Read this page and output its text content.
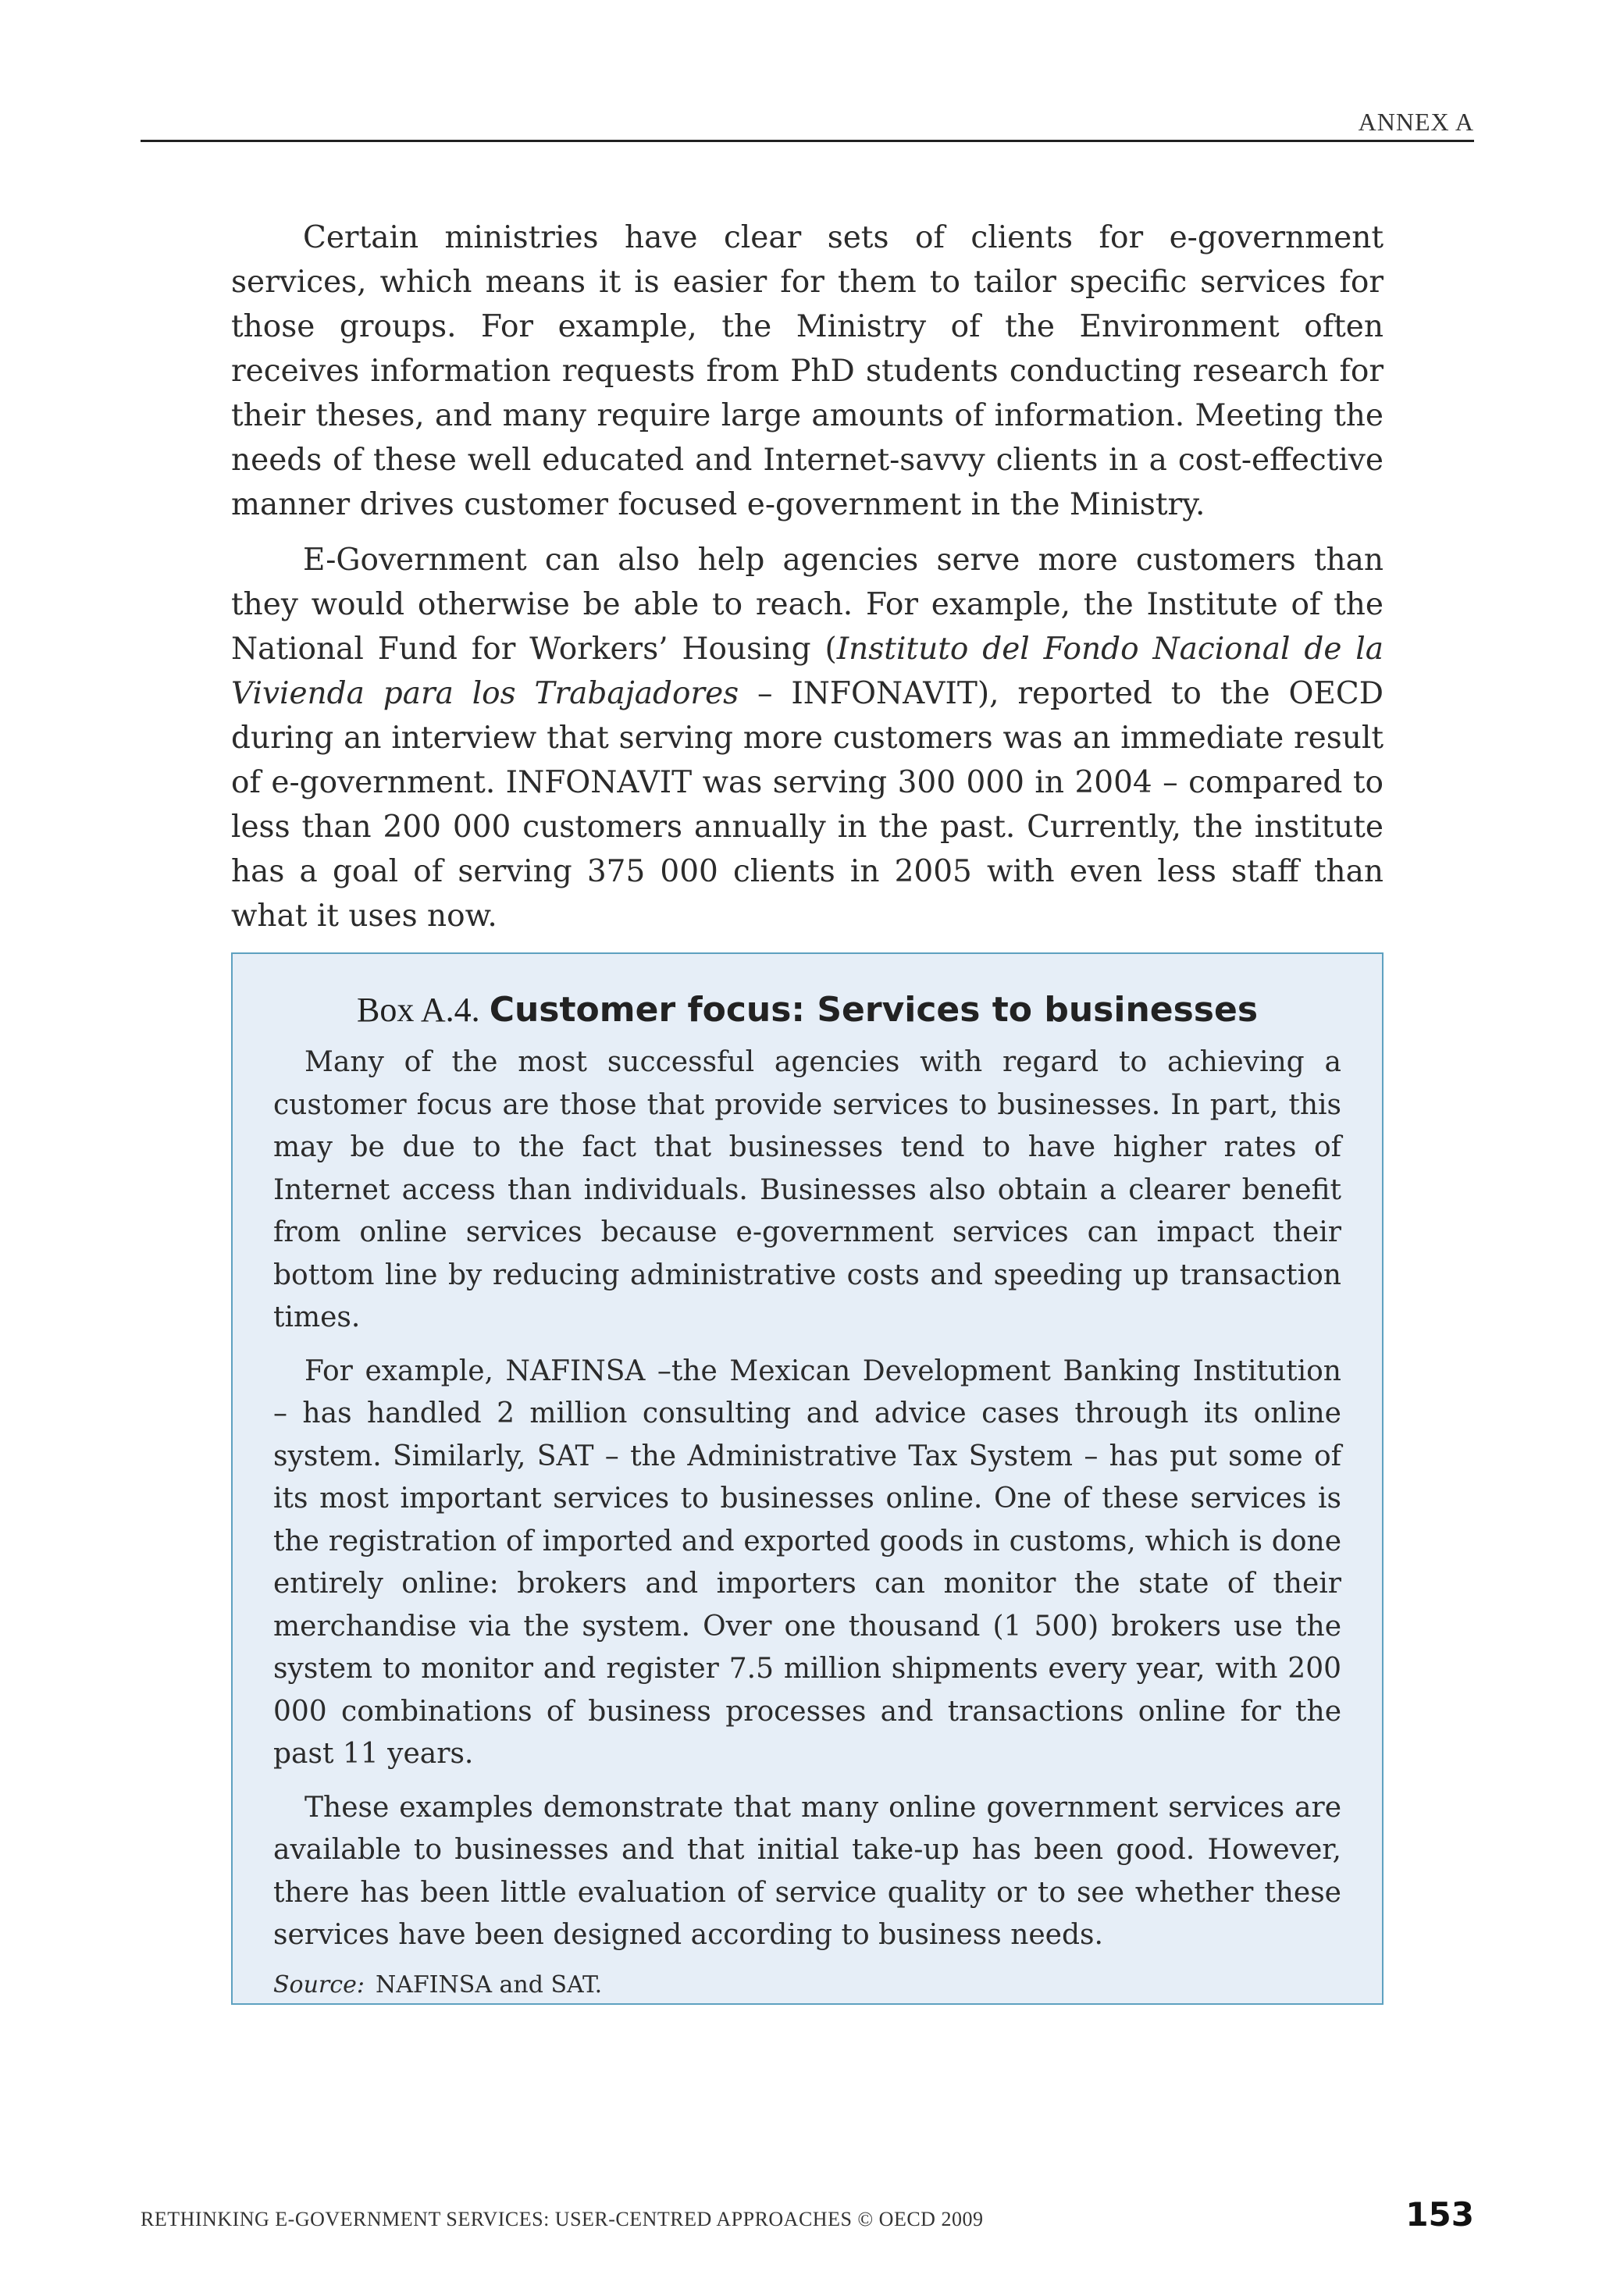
ANNEX A

Certain ministries have clear sets of clients for e-government services, which means it is easier for them to tailor specific services for those groups. For example, the Ministry of the Environment often receives information requests from PhD students conducting research for their theses, and many require large amounts of information. Meeting the needs of these well educated and Internet-savvy clients in a cost-effective manner drives customer focused e-government in the Ministry.

E-Government can also help agencies serve more customers than they would otherwise be able to reach. For example, the Institute of the National Fund for Workers’ Housing (Instituto del Fondo Nacional de la Vivienda para los Trabajadores – INFONAVIT), reported to the OECD during an interview that serving more customers was an immediate result of e-government. INFONAVIT was serving 300 000 in 2004 – compared to less than 200 000 customers annually in the past. Currently, the institute has a goal of serving 375 000 clients in 2005 with even less staff than what it uses now.

Box A.4. Customer focus: Services to businesses

Many of the most successful agencies with regard to achieving a customer focus are those that provide services to businesses. In part, this may be due to the fact that businesses tend to have higher rates of Internet access than individuals. Businesses also obtain a clearer benefit from online services because e-government services can impact their bottom line by reducing administrative costs and speeding up transaction times.

For example, NAFINSA –the Mexican Development Banking Institution – has handled 2 million consulting and advice cases through its online system. Similarly, SAT – the Administrative Tax System – has put some of its most important services to businesses online. One of these services is the registration of imported and exported goods in customs, which is done entirely online: brokers and importers can monitor the state of their merchandise via the system. Over one thousand (1 500) brokers use the system to monitor and register 7.5 million shipments every year, with 200 000 combinations of business processes and transactions online for the past 11 years.

These examples demonstrate that many online government services are available to businesses and that initial take-up has been good. However, there has been little evaluation of service quality or to see whether these services have been designed according to business needs.

Source: NAFINSA and SAT.

RETHINKING E-GOVERNMENT SERVICES: USER-CENTRED APPROACHES © OECD 2009	153
